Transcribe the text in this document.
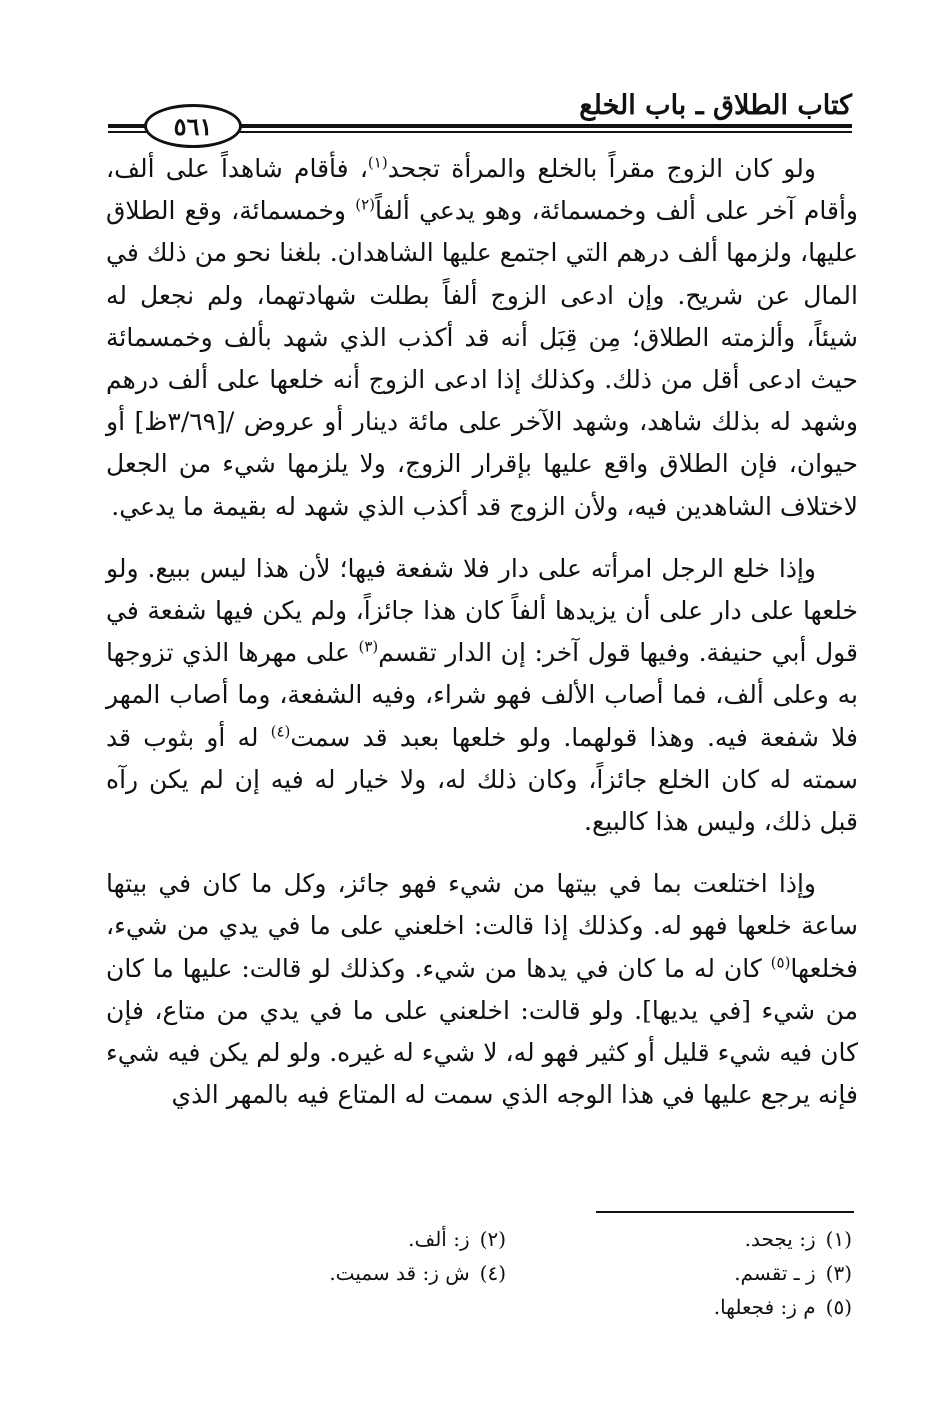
كتاب الطلاق ـ باب الخلع
٥٦١

ولو كان الزوج مقراً بالخلع والمرأة تجحد$^{(١)}$، فأقام شاهداً على ألف، وأقام آخر على ألف وخمسمائة، وهو يدعي ألفاً$^{(٢)}$ وخمسمائة، وقع الطلاق عليها، ولزمها ألف درهم التي اجتمع عليها الشاهدان. بلغنا نحو من ذلك في المال عن شريح. وإن ادعى الزوج ألفاً بطلت شهادتهما، ولم نجعل له شيئاً، وألزمته الطلاق؛ مِن قِبَل أنه قد أكذب الذي شهد بألف وخمسمائة حيث ادعى أقل من ذلك. وكذلك إذا ادعى الزوج أنه خلعها على ألف درهم وشهد له بذلك شاهد، وشهد الآخر على مائة دينار أو عروض /[٣/٦٩ظ] أو حيوان، فإن الطلاق واقع عليها بإقرار الزوج، ولا يلزمها شيء من الجعل لاختلاف الشاهدين فيه، ولأن الزوج قد أكذب الذي شهد له بقيمة ما يدعي.

وإذا خلع الرجل امرأته على دار فلا شفعة فيها؛ لأن هذا ليس ببيع. ولو خلعها على دار على أن يزيدها ألفاً كان هذا جائزاً، ولم يكن فيها شفعة في قول أبي حنيفة. وفيها قول آخر: إن الدار تقسم$^{(٣)}$ على مهرها الذي تزوجها به وعلى ألف، فما أصاب الألف فهو شراء، وفيه الشفعة، وما أصاب المهر فلا شفعة فيه. وهذا قولهما. ولو خلعها بعبد قد سمت$^{(٤)}$ له أو بثوب قد سمته له كان الخلع جائزاً، وكان ذلك له، ولا خيار له فيه إن لم يكن رآه قبل ذلك، وليس هذا كالبيع.

وإذا اختلعت بما في بيتها من شيء فهو جائز، وكل ما كان في بيتها ساعة خلعها فهو له. وكذلك إذا قالت: اخلعني على ما في يدي من شيء، فخلعها$^{(٥)}$ كان له ما كان في يدها من شيء. وكذلك لو قالت: عليها ما كان من شيء [في يديها]. ولو قالت: اخلعني على ما في يدي من متاع، فإن كان فيه شيء قليل أو كثير فهو له، لا شيء له غيره. ولو لم يكن فيه شيء فإنه يرجع عليها في هذا الوجه الذي سمت له المتاع فيه بالمهر الذي

(١)ز: يجحد.
(٢)ز: ألف.
(٣)ز ـ تقسم.
(٤)ش ز: قد سميت.
(٥)م ز: فجعلها.
